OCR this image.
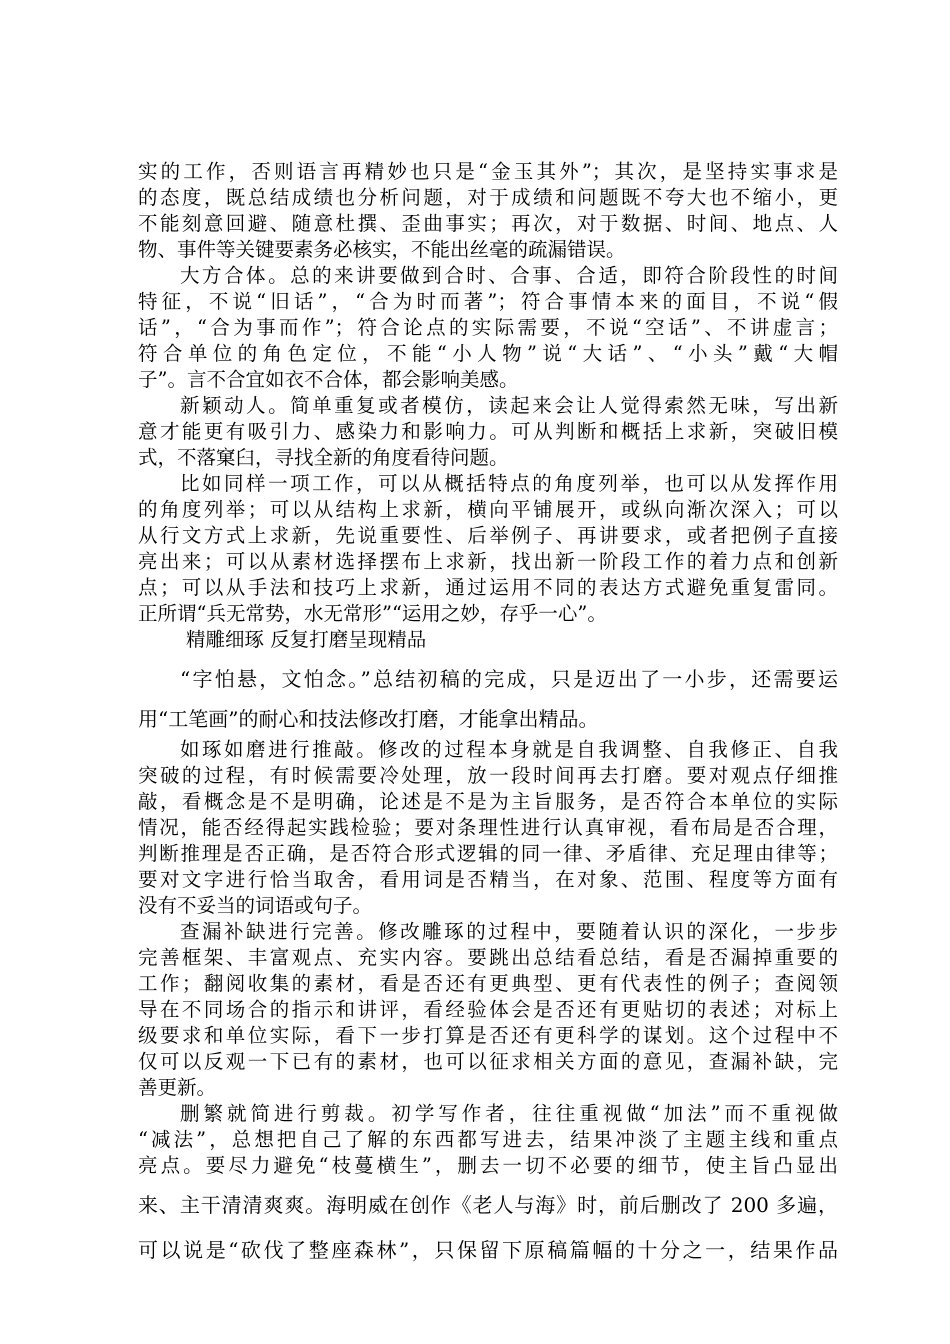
实的工作，否则语言再精妙也只是“金玉其外”；其次，是坚持实事求是
的态度，既总结成绩也分析问题，对于成绩和问题既不夸大也不缩小，更
不能刻意回避、随意杜撰、歪曲事实；再次，对于数据、时间、地点、人
物、事件等关键要素务必核实，不能出丝毫的疏漏错误。
大方合体。总的来讲要做到合时、合事、合适，即符合阶段性的时间
特征，不说“旧话”，“合为时而著”；符合事情本来的面目，不说“假
话”，“合为事而作”；符合论点的实际需要，不说“空话”、不讲虚言；
符合单位的角色定位，不能“小人物”说“大话”、“小头”戴“大帽
子”。言不合宜如衣不合体，都会影响美感。
新颖动人。简单重复或者模仿，读起来会让人觉得索然无味，写出新
意才能更有吸引力、感染力和影响力。可从判断和概括上求新，突破旧模
式，不落窠臼，寻找全新的角度看待问题。
比如同样一项工作，可以从概括特点的角度列举，也可以从发挥作用
的角度列举；可以从结构上求新，横向平铺展开，或纵向渐次深入；可以
从行文方式上求新，先说重要性、后举例子、再讲要求，或者把例子直接
亮出来；可以从素材选择摆布上求新，找出新一阶段工作的着力点和创新
点；可以从手法和技巧上求新，通过运用不同的表达方式避免重复雷同。
正所谓“兵无常势，水无常形”“运用之妙，存乎一心”。
精雕细琢 反复打磨呈现精品
“字怕悬，文怕念。”总结初稿的完成，只是迈出了一小步，还需要运
用“工笔画”的耐心和技法修改打磨，才能拿出精品。
如琢如磨进行推敲。修改的过程本身就是自我调整、自我修正、自我
突破的过程，有时候需要冷处理，放一段时间再去打磨。要对观点仔细推
敲，看概念是不是明确，论述是不是为主旨服务，是否符合本单位的实际
情况，能否经得起实践检验；要对条理性进行认真审视，看布局是否合理，
判断推理是否正确，是否符合形式逻辑的同一律、矛盾律、充足理由律等；
要对文字进行恰当取舍，看用词是否精当，在对象、范围、程度等方面有
没有不妥当的词语或句子。
查漏补缺进行完善。修改雕琢的过程中，要随着认识的深化，一步步
完善框架、丰富观点、充实内容。要跳出总结看总结，看是否漏掉重要的
工作；翻阅收集的素材，看是否还有更典型、更有代表性的例子；查阅领
导在不同场合的指示和讲评，看经验体会是否还有更贴切的表述；对标上
级要求和单位实际，看下一步打算是否还有更科学的谋划。这个过程中不
仅可以反观一下已有的素材，也可以征求相关方面的意见，查漏补缺，完
善更新。
删繁就简进行剪裁。初学写作者，往往重视做“加法”而不重视做
“减法”，总想把自己了解的东西都写进去，结果冲淡了主题主线和重点
亮点。要尽力避免“枝蔓横生”，删去一切不必要的细节，使主旨凸显出
来、主干清清爽爽。海明威在创作《老人与海》时，前后删改了 200 多遍，
可以说是“砍伐了整座森林”，只保留下原稿篇幅的十分之一，结果作品
